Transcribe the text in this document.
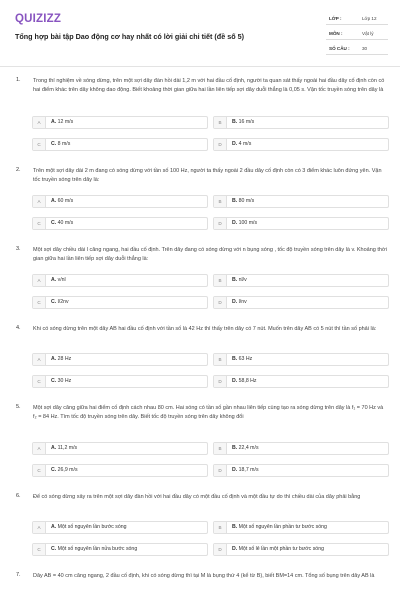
QUIZIZZ
Tổng hợp bài tập Dao động cơ hay nhất có lời giải chi tiết (đề số 5)
LỚP :	Lớp 12
MÔN :	Vật lý
SỐ CÂU :	30
1. Trong thí nghiệm về sóng dừng, trên một sợi dây đàn hồi dài 1,2 m với hai đầu cố định, người ta quan sát thấy ngoài hai đầu dây cố định còn có hai điểm khác trên dây không dao động. Biết khoảng thời gian giữa hai lần liên tiếp sợi dây duỗi thẳng là 0,05 s. Vận tốc truyền sóng trên dây là
A	A. 12 m/s	B	B. 16 m/s
C	C. 8 m/s	D	D. 4 m/s
2. Trên một sợi dây dài 2 m đang có sóng dừng với tần số 100 Hz, người ta thấy ngoài 2 đầu dây cố định còn có 3 điểm khác luôn đứng yên. Vận tốc truyền sóng trên dây là:
A	A. 60 m/s	B	B. 80 m/s
C	C. 40 m/s	D	D. 100 m/s
3. Một sợi dây chiều dài l căng ngang, hai đầu cố định. Trên dây đang có sóng dừng với n bụng sóng , tốc độ truyền sóng trên dây là v. Khoảng thời gian giữa hai lần liên tiếp sợi dây duỗi thẳng là:
A	A. v/nl	B	B. nl/v
C	C. l/2nv	D	D. l/nv
4. Khi có sóng dừng trên một dây AB hai đầu cố định với tần số là 42 Hz thì thấy trên dây có 7 nút. Muốn trên dây AB có 5 nút thì tần số phải là:
A	A. 28 Hz	B	B. 63 Hz
C	C. 30 Hz	D	D. 58,8 Hz
5. Một sợi dây căng giữa hai điểm cố định cách nhau 80 cm. Hai sóng có tần số gần nhau liên tiếp cùng tạo ra sóng dừng trên dây là f₁ = 70 Hz và f₂ = 84 Hz. Tìm tốc độ truyền sóng trên dây. Biết tốc độ truyền sóng trên dây không đổi
A	A. 11,2 m/s	B	B. 22,4 m/s
C	C. 26,9 m/s	D	D. 18,7 m/s
6. Để có sóng dừng xảy ra trên một sợi dây đàn hồi với hai đầu dây có một đầu cố định và một đầu tự do thì chiều dài của dây phải bằng
A	A. Một số nguyên lần bước sóng	B	B. Một số nguyên lần phần tư bước sóng
C	C. Một số nguyên lần nửa bước sóng	D	D. Một số lẻ lần một phần tư bước sóng
7. Dây AB = 40 cm căng ngang, 2 đầu cố định, khi có sóng dừng thì tại M là bụng thứ 4 (kể từ B), biết BM=14 cm. Tổng số bụng trên dây AB là
